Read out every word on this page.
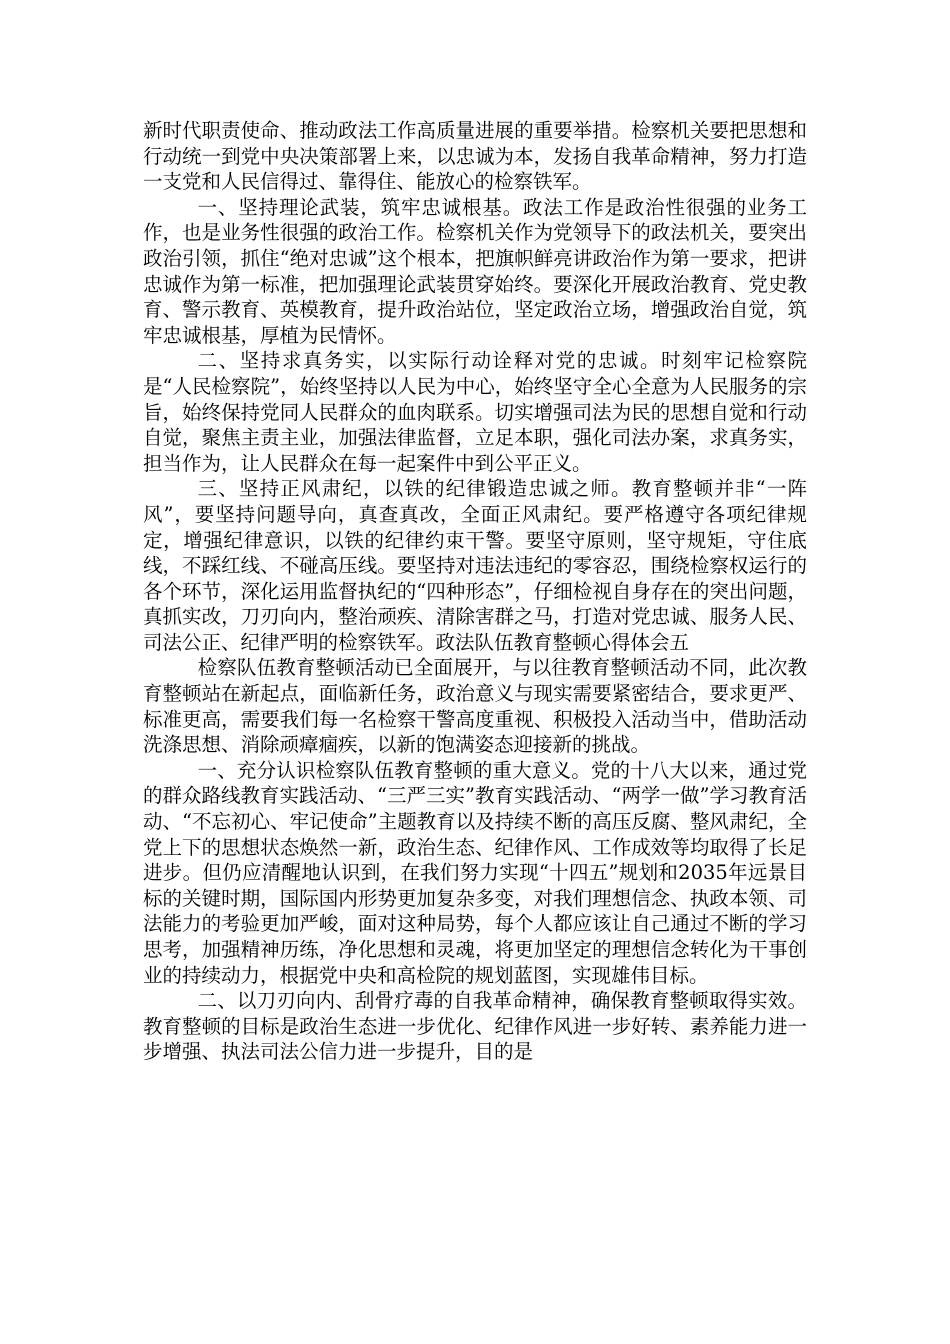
新时代职责使命、推动政法工作高质量进展的重要举措。检察机关要把思想和行动统一到党中央决策部署上来，以忠诚为本，发扬自我革命精神，努力打造一支党和人民信得过、靠得住、能放心的检察铁军。

一、坚持理论武装，筑牢忠诚根基。政法工作是政治性很强的业务工作，也是业务性很强的政治工作。检察机关作为党领导下的政法机关，要突出政治引领，抓住“绝对忠诚”这个根本，把旗帜鲜亮讲政治作为第一要求，把讲忠诚作为第一标准，把加强理论武装贯穿始终。要深化开展政治教育、党史教育、警示教育、英模教育，提升政治站位，坚定政治立场，增强政治自觉，筑牢忠诚根基，厚植为民情怀。

二、坚持求真务实，以实际行动诠释对党的忠诚。时刻牢记检察院是“人民检察院”，始终坚持以人民为中心，始终坚守全心全意为人民服务的宗旨，始终保持党同人民群众的血肉联系。切实增强司法为民的思想自觉和行动自觉，聚焦主责主业，加强法律监督，立足本职，强化司法办案，求真务实，担当作为，让人民群众在每一起案件中到公平正义。

三、坚持正风肃纪，以铁的纪律锻造忠诚之师。教育整顿并非“一阵风”，要坚持问题导向，真查真改，全面正风肃纪。要严格遵守各项纪律规定，增强纪律意识，以铁的纪律约束干警。要坚守原则，坚守规矩，守住底线，不踩红线、不碰高压线。要坚持对违法违纪的零容忍，围绕检察权运行的各个环节，深化运用监督执纪的“四种形态”，仔细检视自身存在的突出问题，真抓实改，刀刃向内，整治顽疾、清除害群之马，打造对党忠诚、服务人民、司法公正、纪律严明的检察铁军。政法队伍教育整顿心得体会五

检察队伍教育整顿活动已全面展开，与以往教育整顿活动不同，此次教育整顿站在新起点，面临新任务，政治意义与现实需要紧密结合，要求更严、标准更高，需要我们每一名检察干警高度重视、积极投入活动当中，借助活动洗涤思想、消除顽瘴痼疾，以新的饱满姿态迎接新的挑战。

一、充分认识检察队伍教育整顿的重大意义。党的十八大以来，通过党的群众路线教育实践活动、“三严三实”教育实践活动、“两学一做”学习教育活动、“不忘初心、牢记使命”主题教育以及持续不断的高压反腐、整风肃纪，全党上下的思想状态焕然一新，政治生态、纪律作风、工作成效等均取得了长足进步。但仍应清醒地认识到，在我们努力实现“十四五”规划和2035年远景目标的关键时期，国际国内形势更加复杂多变，对我们理想信念、执政本领、司法能力的考验更加严峻，面对这种局势，每个人都应该让自己通过不断的学习思考，加强精神历练，净化思想和灵魂，将更加坚定的理想信念转化为干事创业的持续动力，根据党中央和高检院的规划蓝图，实现雄伟目标。

二、以刀刃向内、刮骨疗毒的自我革命精神，确保教育整顿取得实效。教育整顿的目标是政治生态进一步优化、纪律作风进一步好转、素养能力进一步增强、执法司法公信力进一步提升，目的是
